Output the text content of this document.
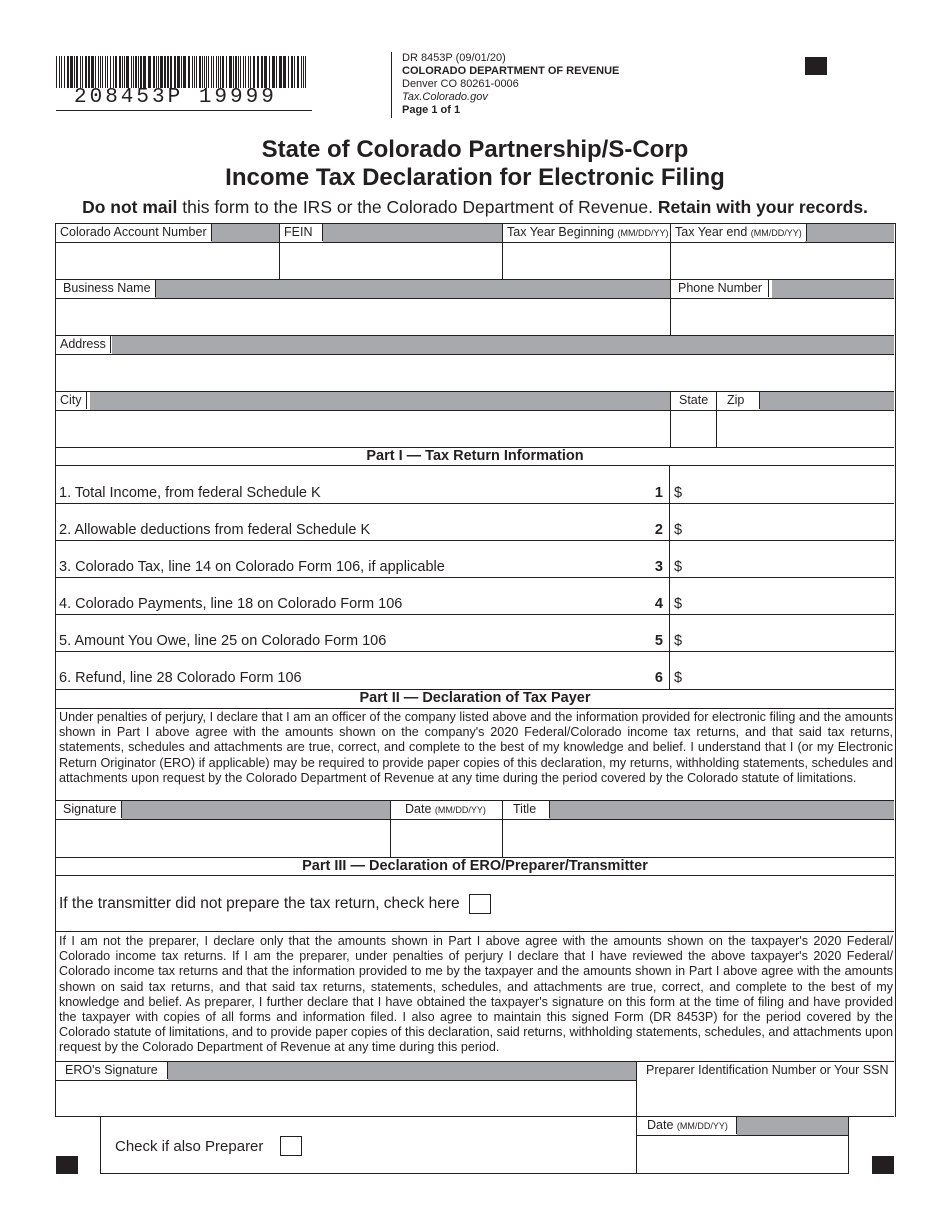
208453P 19999
DR 8453P (09/01/20)
COLORADO DEPARTMENT OF REVENUE
Denver CO 80261-0006
Tax.Colorado.gov
Page 1 of 1
State of Colorado Partnership/S-Corp
Income Tax Declaration for Electronic Filing
Do not mail this form to the IRS or the Colorado Department of Revenue. Retain with your records.
Colorado Account Number	FEIN	Tax Year Beginning (MM/DD/YY) Tax Year end (MM/DD/YY)
Business Name	Phone Number
Address
City	State	Zip
Part I — Tax Return Information
1. Total Income, from federal Schedule K	1 $
2. Allowable deductions from federal Schedule K	2 $
3. Colorado Tax, line 14 on Colorado Form 106, if applicable	3 $
4. Colorado Payments, line 18 on Colorado Form 106	4 $
5. Amount You Owe, line 25 on Colorado Form 106	5 $
6. Refund, line 28 Colorado Form 106	6 $
Part II — Declaration of Tax Payer
Under penalties of perjury, I declare that I am an officer of the company listed above and the information provided for electronic filing and the amounts shown in Part I above agree with the amounts shown on the company's 2020 Federal/Colorado income tax returns, and that said tax returns, statements, schedules and attachments are true, correct, and complete to the best of my knowledge and belief. I understand that I (or my Electronic Return Originator (ERO) if applicable) may be required to provide paper copies of this declaration, my returns, withholding statements, schedules and attachments upon request by the Colorado Department of Revenue at any time during the period covered by the Colorado statute of limitations.
Signature	Date (MM/DD/YY)	Title
Part III — Declaration of ERO/Preparer/Transmitter
If the transmitter did not prepare the tax return, check here
If I am not the preparer, I declare only that the amounts shown in Part I above agree with the amounts shown on the taxpayer's 2020 Federal/ Colorado income tax returns. If I am the preparer, under penalties of perjury I declare that I have reviewed the above taxpayer's 2020 Federal/ Colorado income tax returns and that the information provided to me by the taxpayer and the amounts shown in Part I above agree with the amounts shown on said tax returns, and that said tax returns, statements, schedules, and attachments are true, correct, and complete to the best of my knowledge and belief. As preparer, I further declare that I have obtained the taxpayer's signature on this form at the time of filing and have provided the taxpayer with copies of all forms and information filed. I also agree to maintain this signed Form (DR 8453P) for the period covered by the Colorado statute of limitations, and to provide paper copies of this declaration, said returns, withholding statements, schedules, and attachments upon request by the Colorado Department of Revenue at any time during this period.
ERO's Signature	Preparer Identification Number or Your SSN
Check if also Preparer
Date (MM/DD/YY)
